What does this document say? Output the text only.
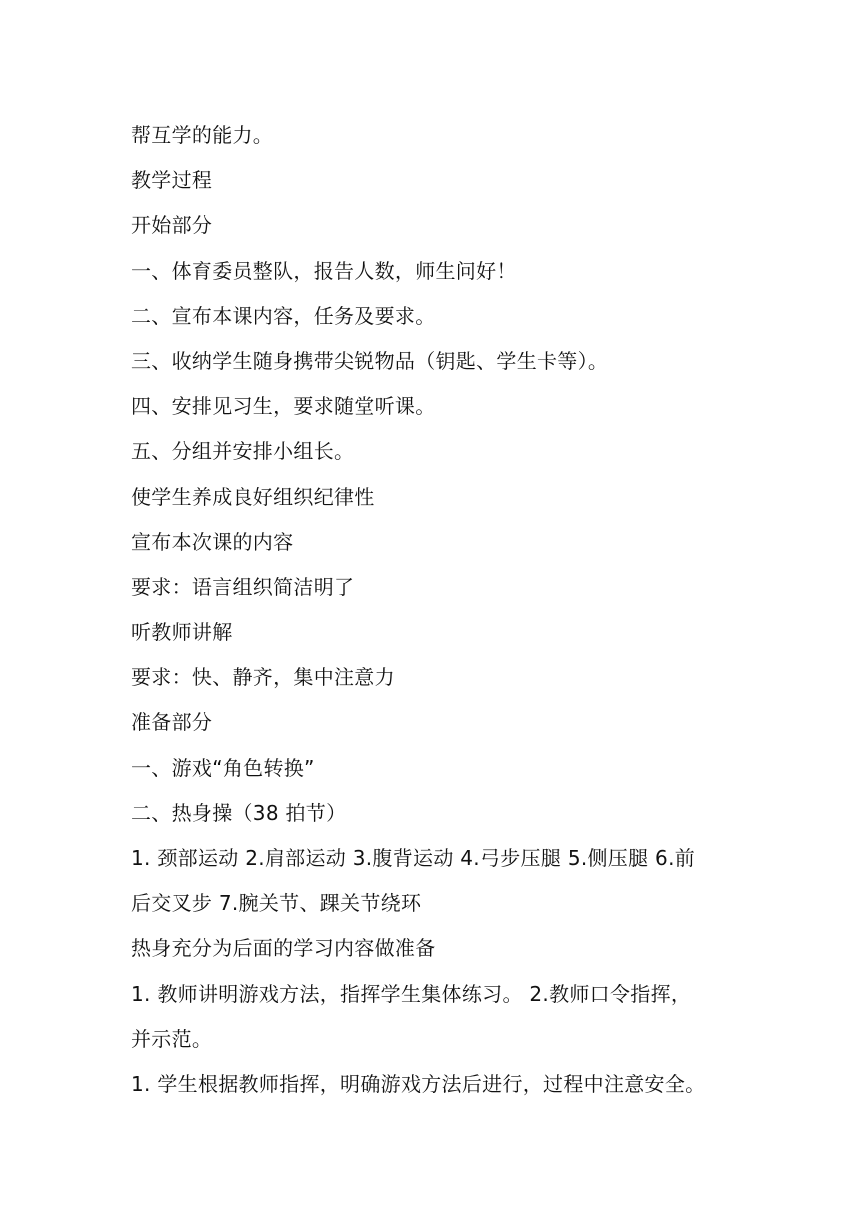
帮互学的能力。
教学过程
开始部分
一、体育委员整队，报告人数，师生问好！
二、宣布本课内容，任务及要求。
三、收纳学生随身携带尖锐物品（钥匙、学生卡等）。
四、安排见习生，要求随堂听课。
五、分组并安排小组长。
使学生养成良好组织纪律性
宣布本次课的内容
要求：语言组织简洁明了
听教师讲解
要求：快、静齐，集中注意力
准备部分
一、游戏“角色转换”
二、热身操（38 拍节）
1. 颈部运动 2.肩部运动 3.腹背运动 4.弓步压腿 5.侧压腿 6.前
后交叉步 7.腕关节、踝关节绕环
热身充分为后面的学习内容做准备
1. 教师讲明游戏方法，指挥学生集体练习。 2.教师口令指挥，
并示范。
1. 学生根据教师指挥，明确游戏方法后进行，过程中注意安全。
